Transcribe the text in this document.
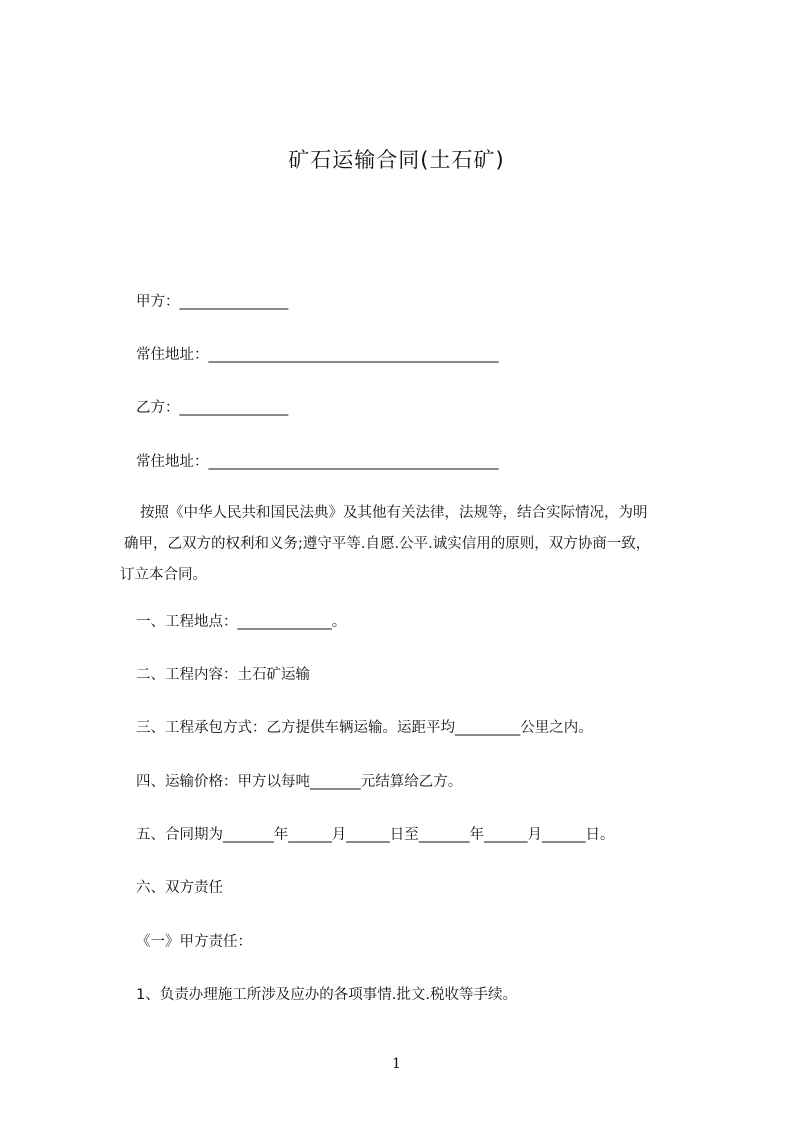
矿石运输合同(土石矿)
甲方：_______________
常住地址：________________________________________
乙方：_______________
常住地址：________________________________________
按照《中华人民共和国民法典》及其他有关法律，法规等，结合实际情况，为明
确甲，乙双方的权利和义务;遵守平等.自愿.公平.诚实信用的原则，双方协商一致，
订立本合同。
一、工程地点：_____________。
二、工程内容：土石矿运输
三、工程承包方式：乙方提供车辆运输。运距平均_________公里之内。
四、运输价格：甲方以每吨_______元结算给乙方。
五、合同期为_______年______月______日至_______年______月______日。
六、双方责任
《一》甲方责任：
1、负责办理施工所涉及应办的各项事情.批文.税收等手续。
1
